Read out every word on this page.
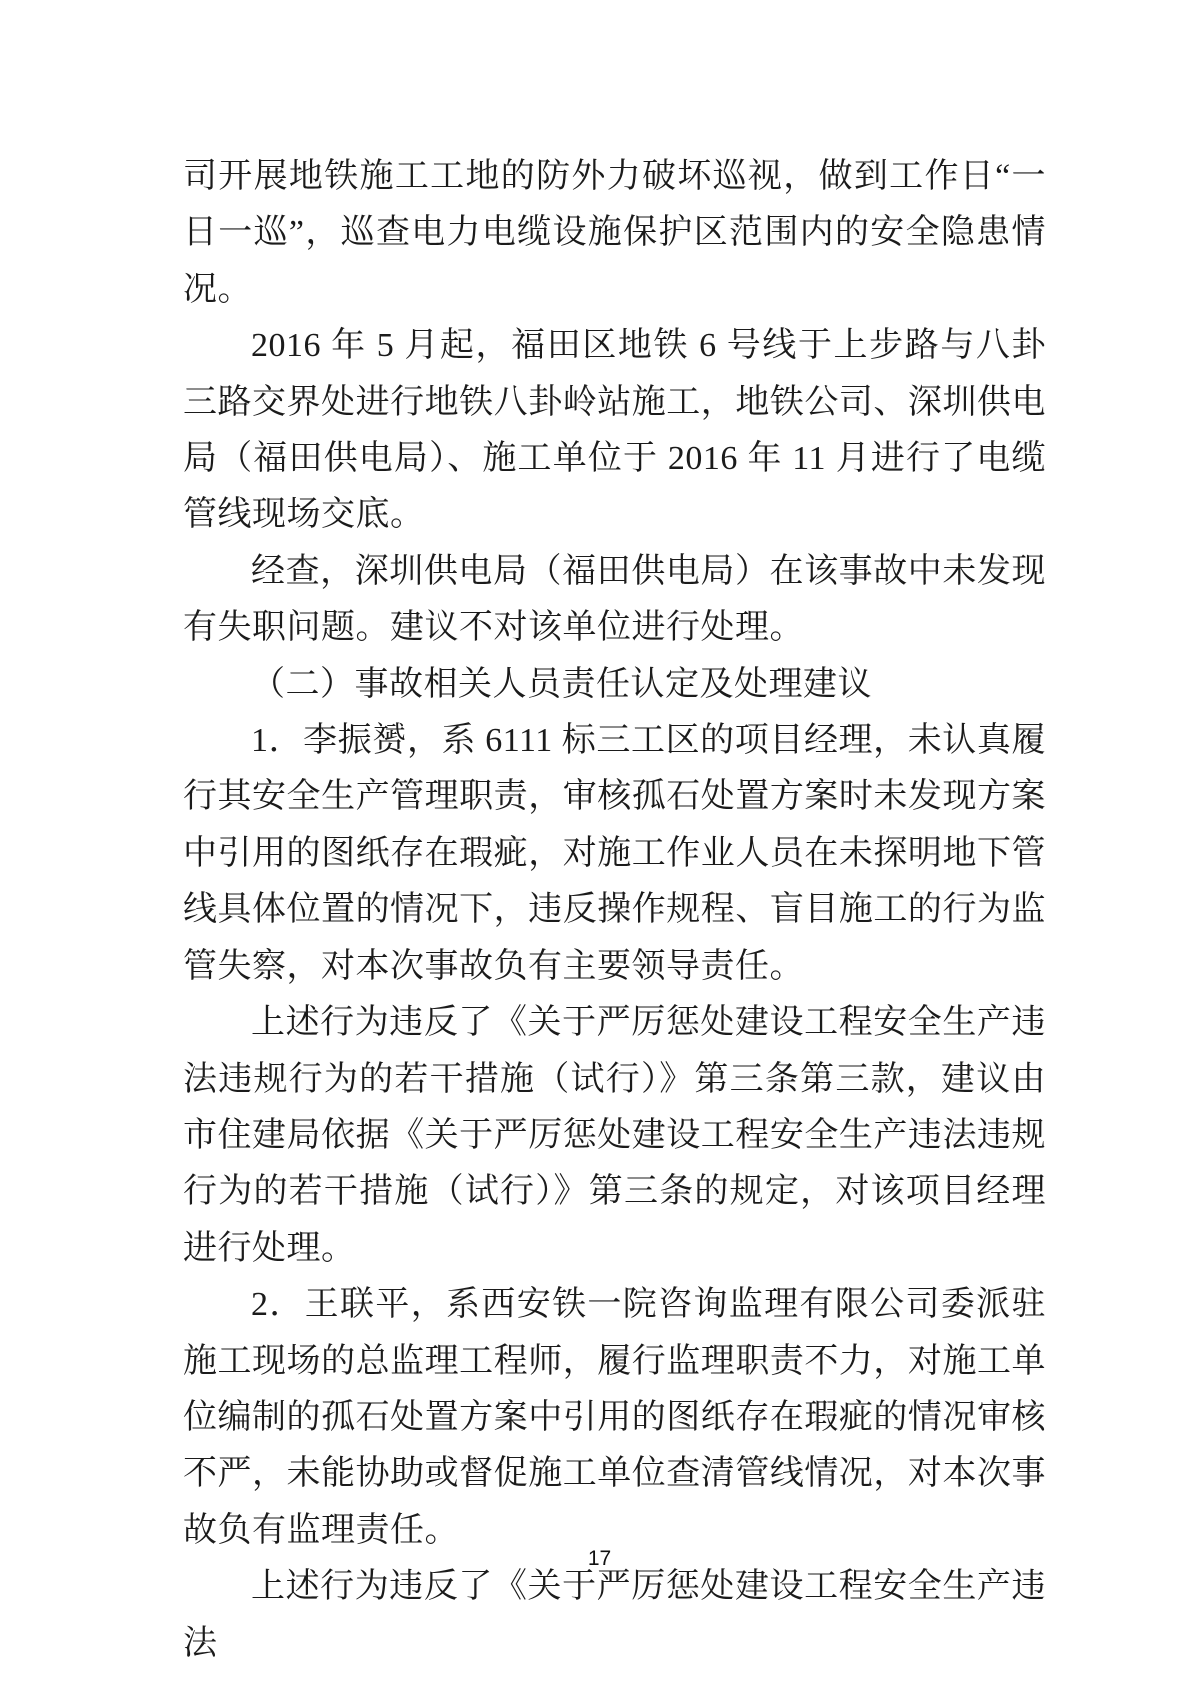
司开展地铁施工工地的防外力破坏巡视，做到工作日“一日一巡”，巡查电力电缆设施保护区范围内的安全隐患情况。

2016 年 5 月起，福田区地铁 6 号线于上步路与八卦三路交界处进行地铁八卦岭站施工，地铁公司、深圳供电局（福田供电局）、施工单位于 2016 年 11 月进行了电缆管线现场交底。

经查，深圳供电局（福田供电局）在该事故中未发现有失职问题。建议不对该单位进行处理。

（二）事故相关人员责任认定及处理建议

1．李振赟，系 6111 标三工区的项目经理，未认真履行其安全生产管理职责，审核孤石处置方案时未发现方案中引用的图纸存在瑕疵，对施工作业人员在未探明地下管线具体位置的情况下，违反操作规程、盲目施工的行为监管失察，对本次事故负有主要领导责任。

上述行为违反了《关于严厉惩处建设工程安全生产违法违规行为的若干措施（试行）》第三条第三款，建议由市住建局依据《关于严厉惩处建设工程安全生产违法违规行为的若干措施（试行）》第三条的规定，对该项目经理进行处理。

2．王联平，系西安铁一院咨询监理有限公司委派驻施工现场的总监理工程师，履行监理职责不力，对施工单位编制的孤石处置方案中引用的图纸存在瑕疵的情况审核不严，未能协助或督促施工单位查清管线情况，对本次事故负有监理责任。

上述行为违反了《关于严厉惩处建设工程安全生产违法

17
